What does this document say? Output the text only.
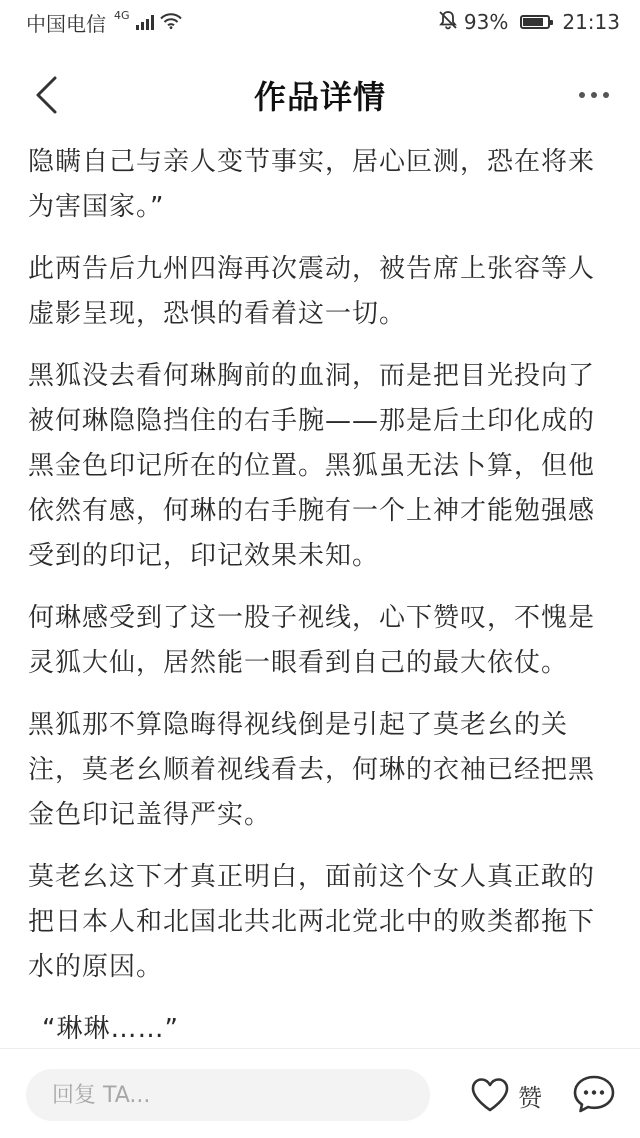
中国电信 4G	93%	21:13
作品详情

隐瞒自己与亲人变节事实，居心叵测，恐在将来为害国家。”

此两告后九州四海再次震动，被告席上张容等人虚影呈现，恐惧的看着这一切。

黑狐没去看何琳胸前的血洞，而是把目光投向了被何琳隐隐挡住的右手腕——那是后土印化成的黑金色印记所在的位置。黑狐虽无法卜算，但他依然有感，何琳的右手腕有一个上神才能勉强感受到的印记，印记效果未知。

何琳感受到了这一股子视线，心下赞叹，不愧是灵狐大仙，居然能一眼看到自己的最大依仗。

黑狐那不算隐晦得视线倒是引起了莫老幺的关注，莫老幺顺着视线看去，何琳的衣袖已经把黑金色印记盖得严实。

莫老幺这下才真正明白，面前这个女人真正敢的把日本人和北国北共北两北党北中的败类都拖下水的原因。

“琳琳……”

回复 TA...
赞
